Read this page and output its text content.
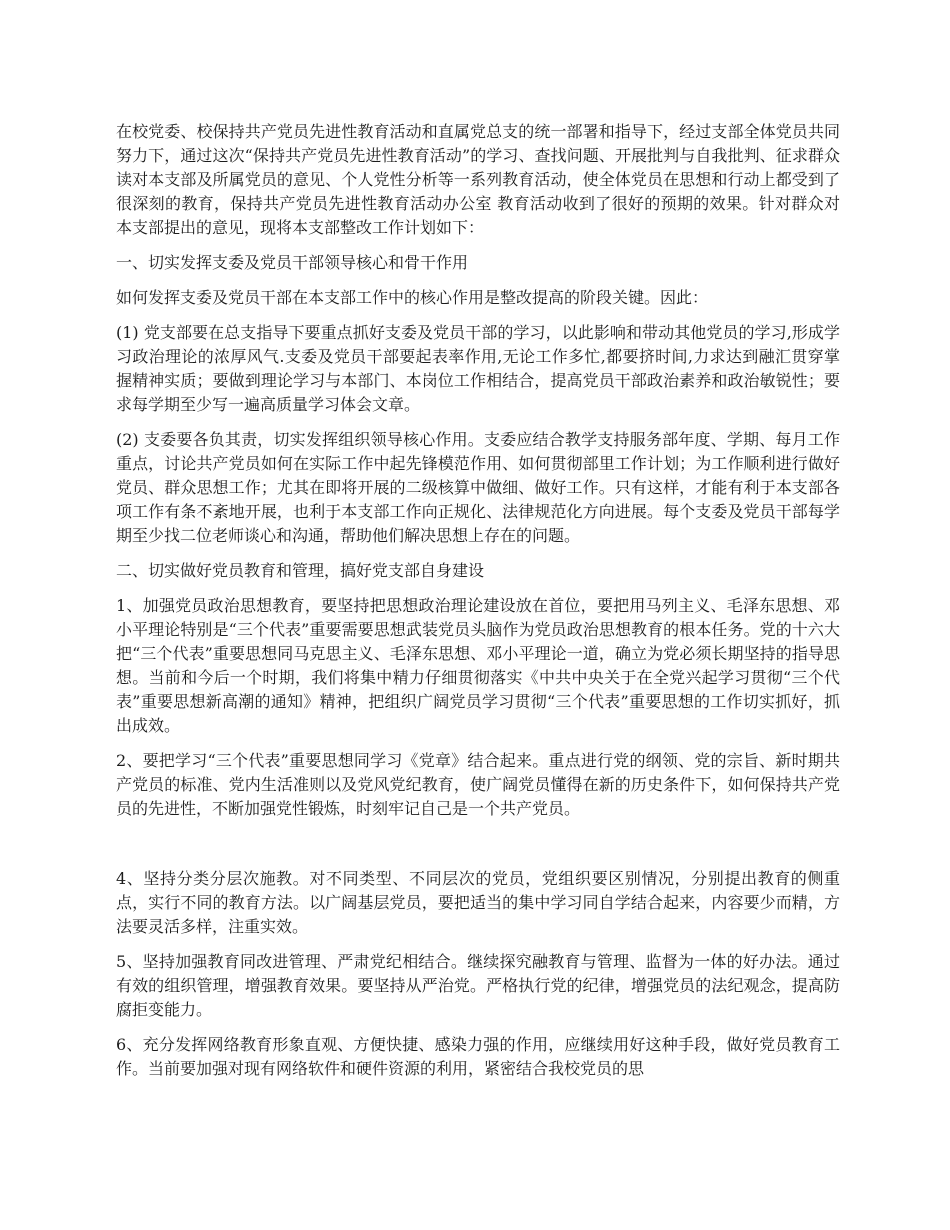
在校党委、校保持共产党员先进性教育活动和直属党总支的统一部署和指导下，经过支部全体党员共同努力下，通过这次“保持共产党员先进性教育活动”的学习、查找问题、开展批判与自我批判、征求群众读对本支部及所属党员的意见、个人党性分析等一系列教育活动，使全体党员在思想和行动上都受到了很深刻的教育，保持共产党员先进性教育活动办公室 教育活动收到了很好的预期的效果。针对群众对本支部提出的意见，现将本支部整改工作计划如下：

一、切实发挥支委及党员干部领导核心和骨干作用

如何发挥支委及党员干部在本支部工作中的核心作用是整改提高的阶段关键。因此：

(1) 党支部要在总支指导下要重点抓好支委及党员干部的学习，以此影响和带动其他党员的学习,形成学习政治理论的浓厚风气.支委及党员干部要起表率作用,无论工作多忙,都要挤时间,力求达到融汇贯穿掌握精神实质；要做到理论学习与本部门、本岗位工作相结合，提高党员干部政治素养和政治敏锐性；要求每学期至少写一遍高质量学习体会文章。

(2) 支委要各负其责，切实发挥组织领导核心作用。支委应结合教学支持服务部年度、学期、每月工作重点，讨论共产党员如何在实际工作中起先锋模范作用、如何贯彻部里工作计划；为工作顺利进行做好党员、群众思想工作；尤其在即将开展的二级核算中做细、做好工作。只有这样，才能有利于本支部各项工作有条不紊地开展，也利于本支部工作向正规化、法律规范化方向进展。每个支委及党员干部每学期至少找二位老师谈心和沟通，帮助他们解决思想上存在的问题。

二、切实做好党员教育和管理，搞好党支部自身建设

1、加强党员政治思想教育，要坚持把思想政治理论建设放在首位，要把用马列主义、毛泽东思想、邓小平理论特别是“三个代表”重要需要思想武装党员头脑作为党员政治思想教育的根本任务。党的十六大把“三个代表”重要思想同马克思主义、毛泽东思想、邓小平理论一道，确立为党必须长期坚持的指导思想。当前和今后一个时期，我们将集中精力仔细贯彻落实《中共中央关于在全党兴起学习贯彻“三个代表”重要思想新高潮的通知》精神，把组织广阔党员学习贯彻“三个代表”重要思想的工作切实抓好，抓出成效。

2、要把学习“三个代表”重要思想同学习《党章》结合起来。重点进行党的纲领、党的宗旨、新时期共产党员的标准、党内生活准则以及党风党纪教育，使广阔党员懂得在新的历史条件下，如何保持共产党员的先进性，不断加强党性锻炼，时刻牢记自己是一个共产党员。

4、坚持分类分层次施教。对不同类型、不同层次的党员，党组织要区别情况，分别提出教育的侧重点，实行不同的教育方法。以广阔基层党员，要把适当的集中学习同自学结合起来，内容要少而精，方法要灵活多样，注重实效。

5、坚持加强教育同改进管理、严肃党纪相结合。继续探究融教育与管理、监督为一体的好办法。通过有效的组织管理，增强教育效果。要坚持从严治党。严格执行党的纪律，增强党员的法纪观念，提高防腐拒变能力。

6、充分发挥网络教育形象直观、方便快捷、感染力强的作用，应继续用好这种手段，做好党员教育工作。当前要加强对现有网络软件和硬件资源的利用，紧密结合我校党员的思
